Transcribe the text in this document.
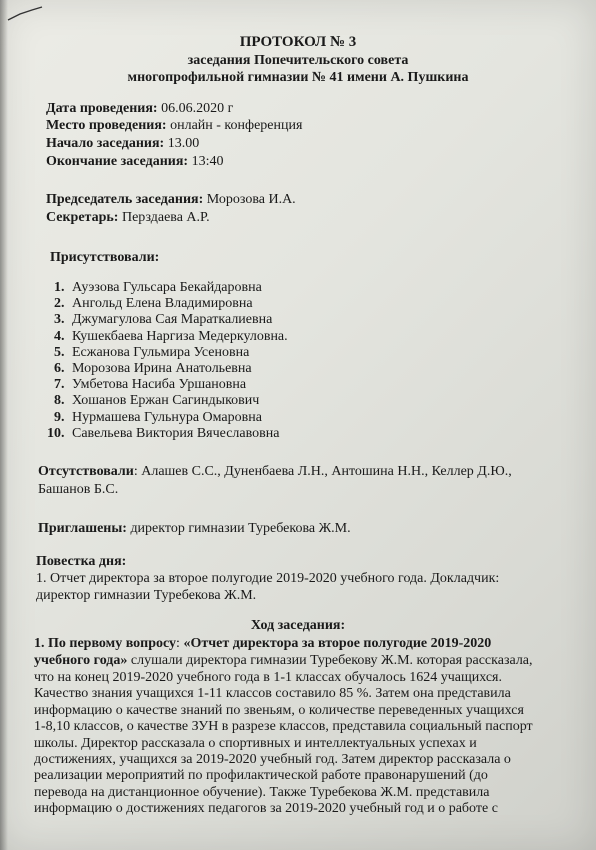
ПРОТОКОЛ № 3
заседания Попечительского совета
многопрофильной гимназии № 41 имени А. Пушкина
Дата проведения: 06.06.2020 г
Место проведения: онлайн - конференция
Начало заседания: 13.00
Окончание заседания: 13:40
Председатель заседания: Морозова И.А.
Секретарь: Перздаева А.Р.
Присутствовали:
1. Ауэзова Гульсара Бекайдаровна
2. Ангольд Елена Владимировна
3. Джумагулова Сая Мараткалиевна
4. Кушекбаева Наргиза Медеркуловна.
5. Есжанова Гульмира Усеновна
6. Морозова Ирина Анатольевна
7. Умбетова Насиба Уршановна
8. Хошанов Ержан Сагиндыкович
9. Нурмашева Гульнура Омаровна
10. Савельева Виктория Вячеславовна
Отсутствовали: Алашев С.С., Дуненбаева Л.Н., Антошина Н.Н., Келлер Д.Ю.,
Башанов Б.С.
Приглашены: директор гимназии Туребекова Ж.М.
Повестка дня:
1. Отчет директора за второе полугодие 2019-2020 учебного года. Докладчик:
директор гимназии Туребекова Ж.М.
Ход заседания:
1. По первому вопросу: «Отчет директора за второе полугодие 2019-2020
учебного года» слушали директора гимназии Туребекову Ж.М. которая рассказала,
что на конец 2019-2020 учебного года в 1-1 классах обучалось 1624 учащихся.
Качество знания учащихся 1-11 классов составило 85 %. Затем она представила
информацию о качестве знаний по звеньям, о количестве переведенных учащихся
1-8,10 классов, о качестве ЗУН в разрезе классов, представила социальный паспорт
школы. Директор рассказала о спортивных и интеллектуальных успехах и
достижениях, учащихся за 2019-2020 учебный год. Затем директор рассказала о
реализации мероприятий по профилактической работе правонарушений (до
перевода на дистанционное обучение). Также Туребекова Ж.М. представила
информацию о достижениях педагогов за 2019-2020 учебный год и о работе с
